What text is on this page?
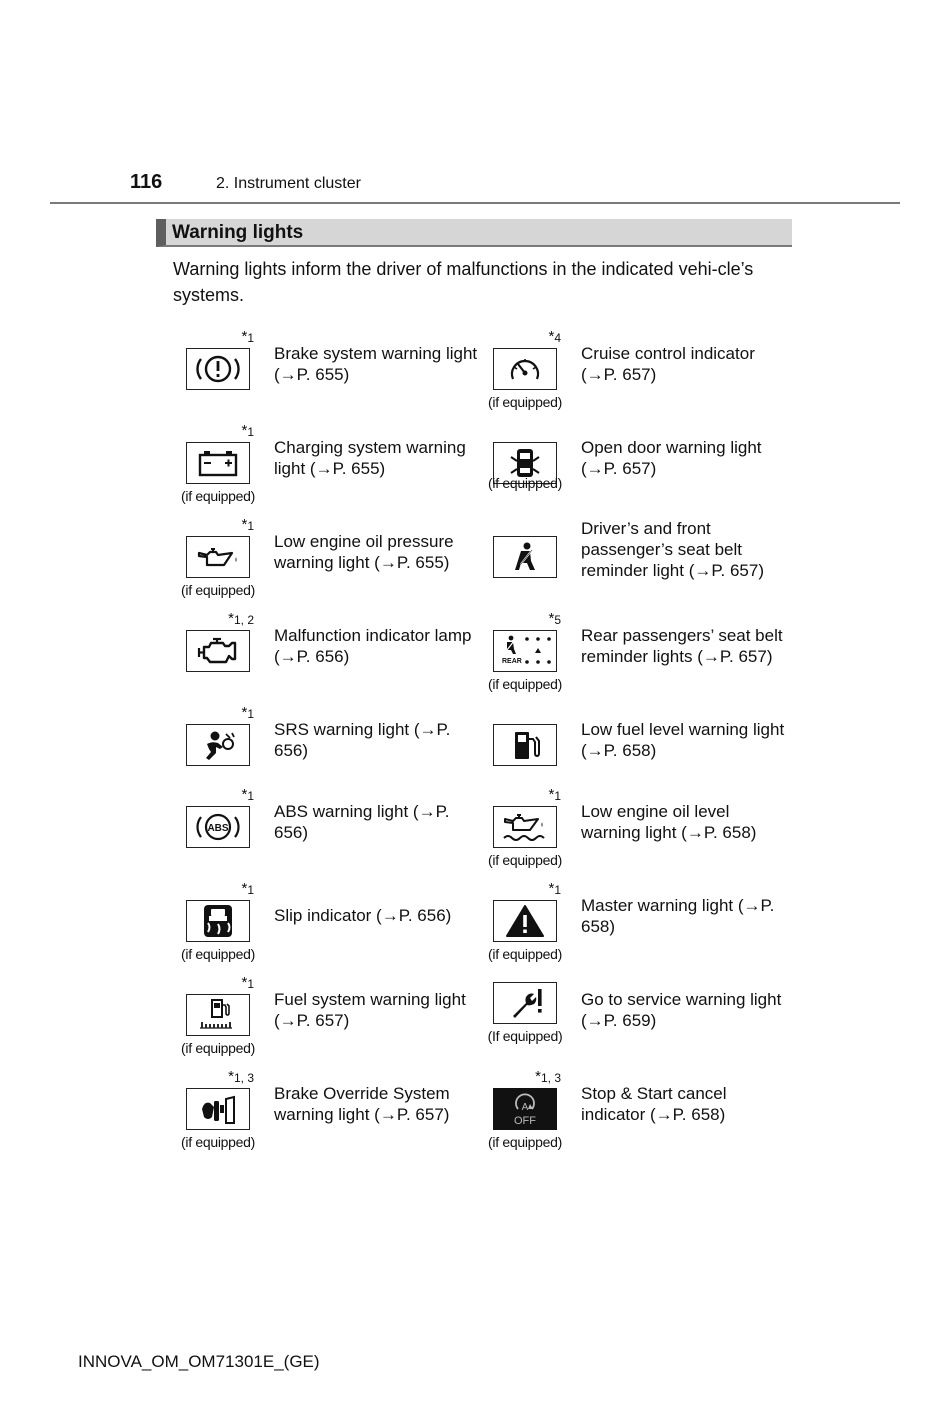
116	2. Instrument cluster
Warning lights
Warning lights inform the driver of malfunctions in the indicated vehi-cle’s systems.
$*_1$
Brake system warning light (→P. 655)
$*_4$
(if equipped)
Cruise control indicator (→P. 657)
$*_1$
(if equipped)
Charging system warning light (→P. 655)
(if equipped)
Open door warning light (→P. 657)
$*_1$
(if equipped)
Low engine oil pressure warning light (→P. 655)
Driver’s and front passenger’s seat belt reminder light (→P. 657)
$*_{1, 2}$
Malfunction indicator lamp (→P. 656)
$*_5$
REAR
(if equipped)
Rear passengers’ seat belt reminder lights (→P. 657)
$*_1$
SRS warning light (→P. 656)
Low fuel level warning light (→P. 658)
$*_1$
ABS
ABS warning light (→P. 656)
$*_1$
(if equipped)
Low engine oil level warning light (→P. 658)
$*_1$
(if equipped)
Slip indicator (→P. 656)
$*_1$
(if equipped)
Master warning light (→P. 658)
$*_1$
(if equipped)
Fuel system warning light (→P. 657)
(If equipped)
Go to service warning light (→P. 659)
$*_{1, 3}$
(if equipped)
Brake Override System warning light (→P. 657)
$*_{1, 3}$
A
OFF
(if equipped)
Stop & Start cancel indicator (→P. 658)
INNOVA_OM_OM71301E_(GE)
